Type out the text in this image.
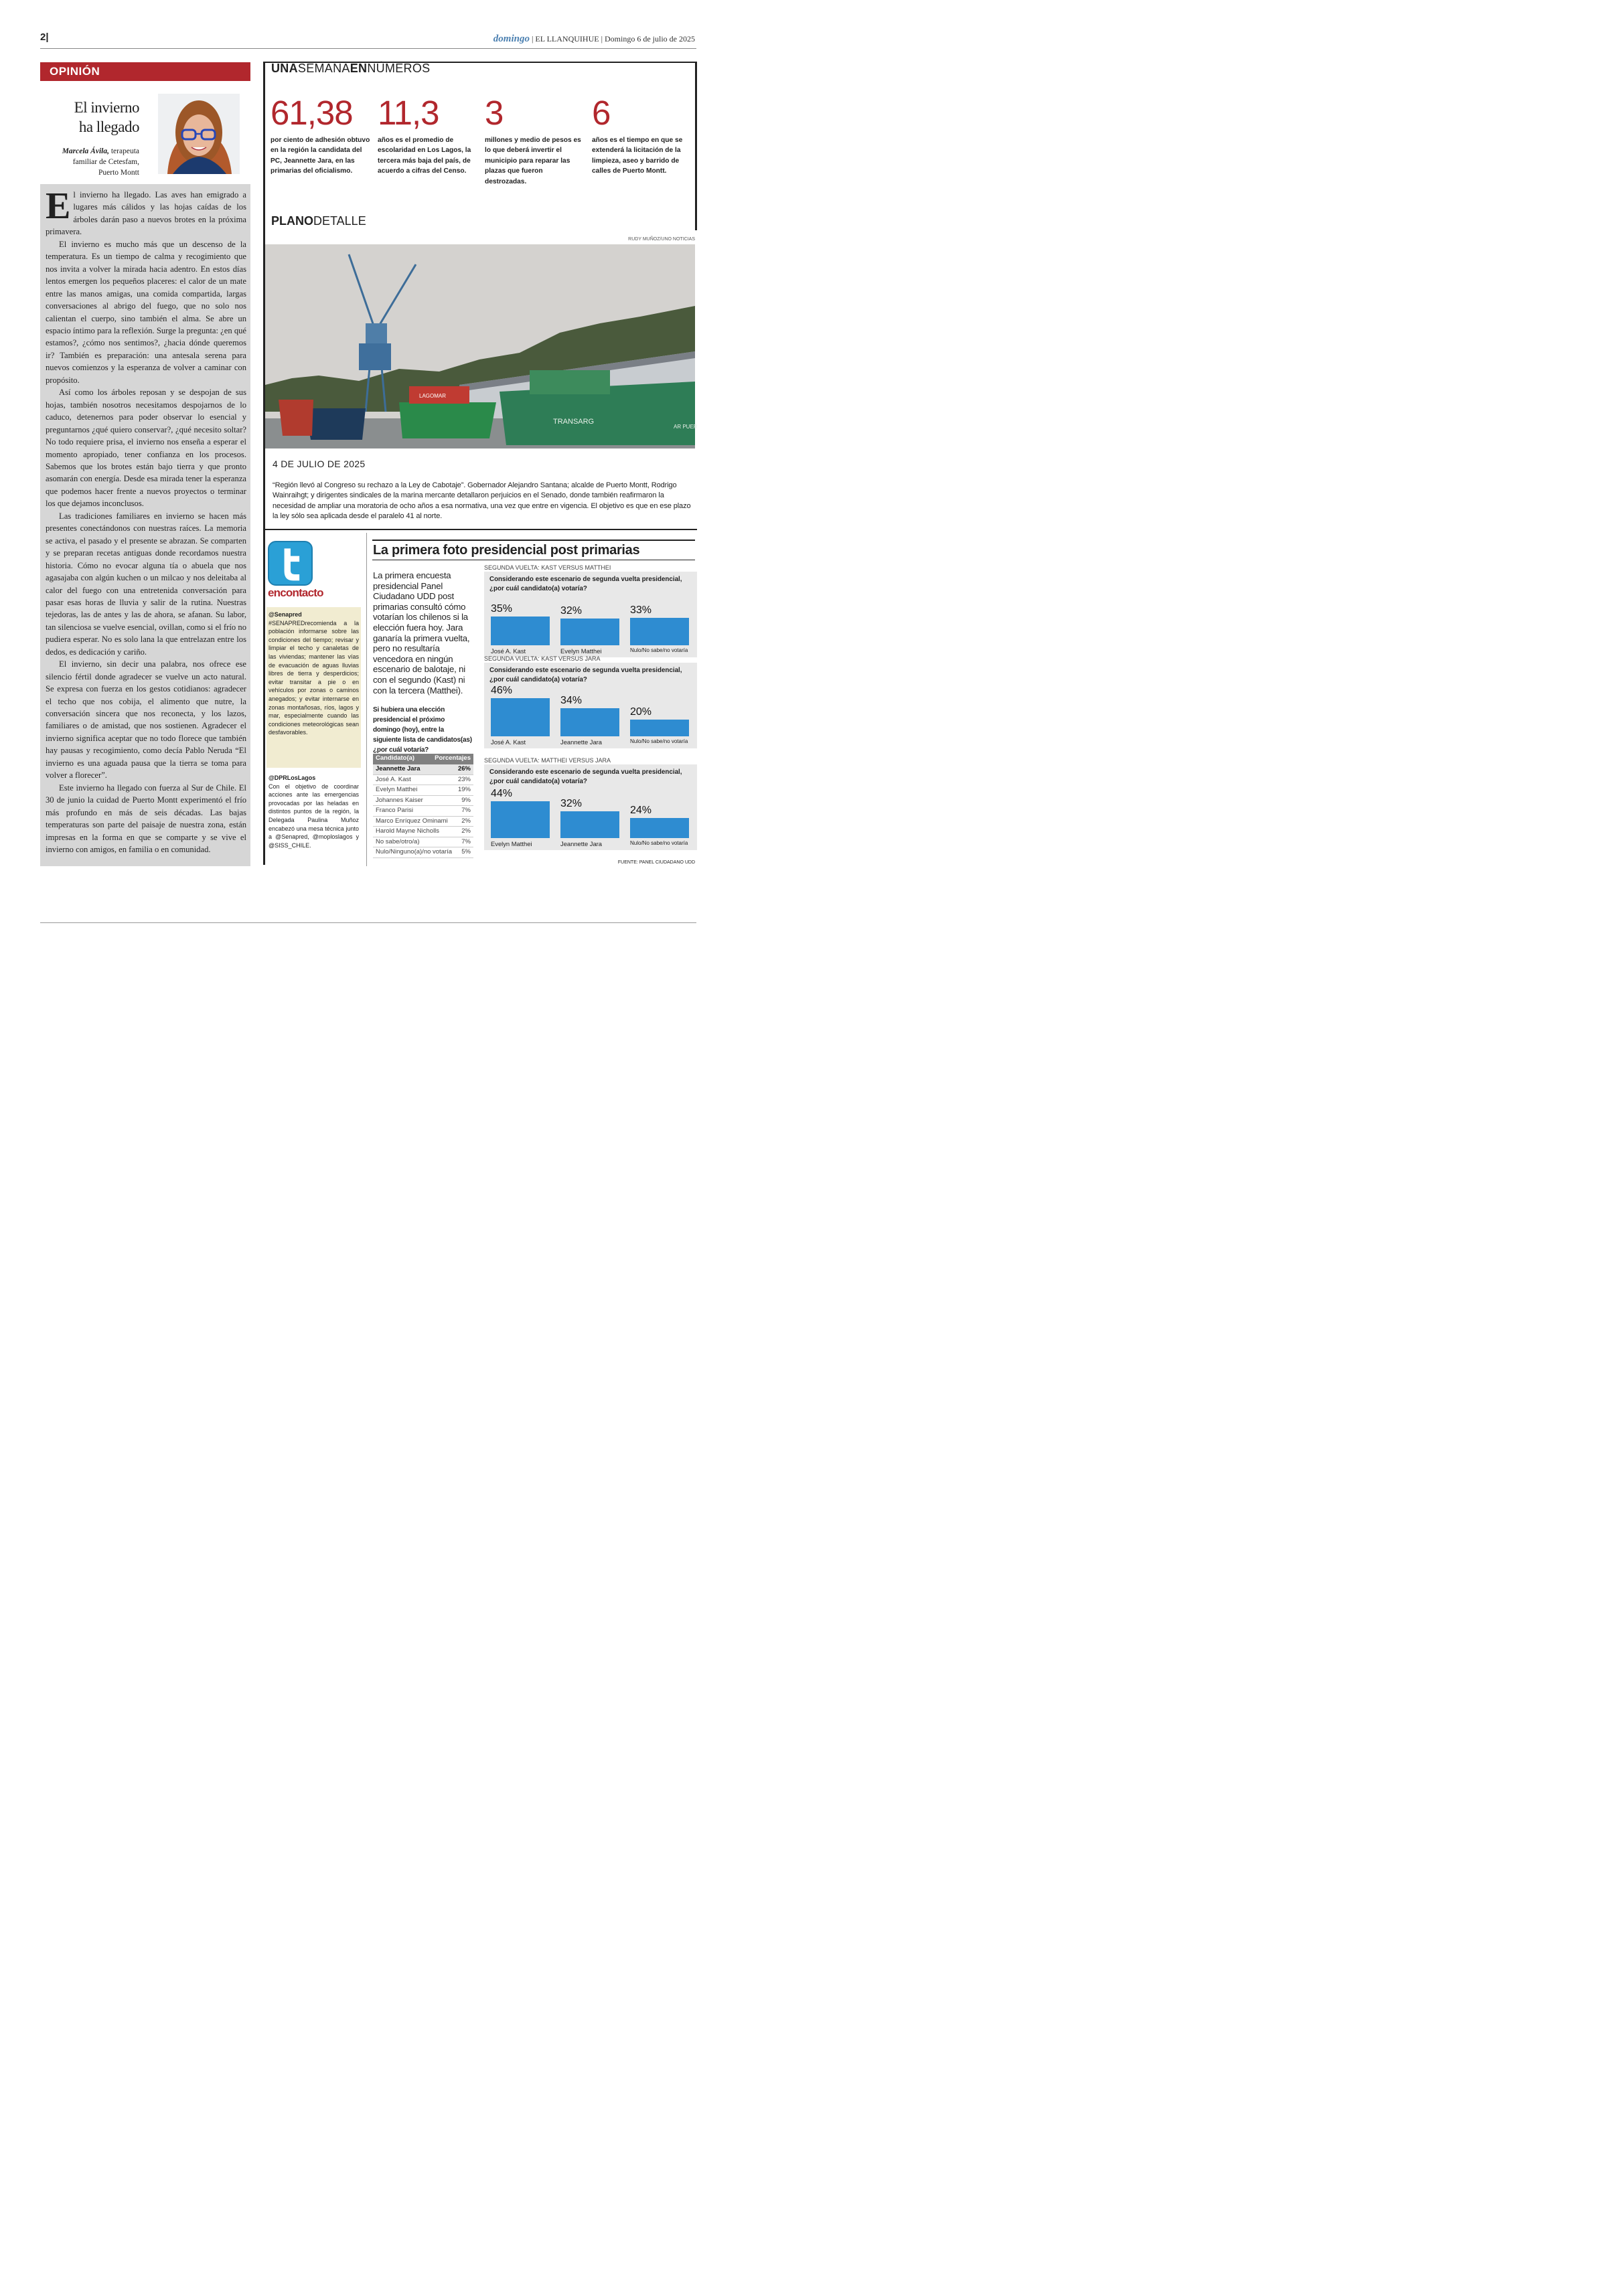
2|	domingo | EL LLANQUIHUE | Domingo 6 de julio de 2025
OPINIÓN
El invierno
ha llegado
Marcela Ávila, terapeuta
familiar de Cetesfam,
Puerto Montt

El invierno ha llegado. Las aves han emigrado a lugares más cálidos y las hojas caídas de los árboles darán paso a nuevos brotes en la próxima primavera.

El invierno es mucho más que un descenso de la temperatura. Es un tiempo de calma y recogimiento que nos invita a volver la mirada hacia adentro. En estos días lentos emergen los pequeños placeres: el calor de un mate entre las manos amigas, una comida compartida, largas conversaciones al abrigo del fuego, que no solo nos calientan el cuerpo, sino también el alma. Se abre un espacio íntimo para la reflexión. Surge la pregunta: ¿en qué estamos?, ¿cómo nos sentimos?, ¿hacia dónde queremos ir? También es preparación: una antesala serena para nuevos comienzos y la esperanza de volver a caminar con propósito.

Así como los árboles reposan y se despojan de sus hojas, también nosotros necesitamos despojarnos de lo caduco, detenernos para poder observar lo esencial y preguntarnos ¿qué quiero conservar?, ¿qué necesito soltar? No todo requiere prisa, el invierno nos enseña a esperar el momento apropiado, tener confianza en los procesos. Sabemos que los brotes están bajo tierra y que pronto asomarán con energía. Desde esa mirada tener la esperanza que podemos hacer frente a nuevos proyectos o terminar los que dejamos inconclusos.

Las tradiciones familiares en invierno se hacen más presentes conectándonos con nuestras raíces. La memoria se activa, el pasado y el presente se abrazan. Se comparten y se preparan recetas antiguas donde recordamos nuestra historia. Cómo no evocar alguna tía o abuela que nos agasajaba con algún kuchen o un milcao y nos deleitaba al calor del fuego con una entretenida conversación para pasar esas horas de lluvia y salir de la rutina. Nuestras tejedoras, las de antes y las de ahora, se afanan. Su labor, tan silenciosa se vuelve esencial, ovillan, como si el frío no pudiera esperar. No es solo lana la que entrelazan entre los dedos, es dedicación y cariño.

El invierno, sin decir una palabra, nos ofrece ese silencio fértil donde agradecer se vuelve un acto natural. Se expresa con fuerza en los gestos cotidianos: agradecer el techo que nos cobija, el alimento que nutre, la conversación sincera que nos reconecta, y los lazos, familiares o de amistad, que nos sostienen. Agradecer el invierno significa aceptar que no todo florece que también hay pausas y recogimiento, como decía Pablo Neruda “El invierno es una aguada pausa que la tierra se toma para volver a florecer”.

Este invierno ha llegado con fuerza al Sur de Chile. El 30 de junio la cuidad de Puerto Montt experimentó el frío más profundo en más de seis décadas. Las bajas temperaturas son parte del paisaje de nuestra zona, están impresas en la forma en que se comparte y se vive el invierno con amigos, en familia o en comunidad.

UNASEMANAENNÚMEROS
61,38
por ciento de adhesión obtuvo en la región la candidata del PC, Jeannette Jara, en las primarias del oficialismo.
11,3
años es el promedio de escolaridad en Los Lagos, la tercera más baja del país, de acuerdo a cifras del Censo.
3
millones y medio de pesos es lo que deberá invertir el municipio para reparar las plazas que fueron destrozadas.
6
años es el tiempo en que se extenderá la licitación de la limpieza, aseo y barrido de calles de Puerto Montt.
PLANODETALLE
RUDY MUÑOZ/UNO NOTICIAS
LAGOMAR
TRANSARG
AR PUER
4 DE JULIO DE 2025
“Región llevó al Congreso su rechazo a la Ley de Cabotaje”. Gobernador Alejandro Santana; alcalde de Puerto Montt, Rodrigo Wainraihgt; y dirigentes sindicales de la marina mercante detallaron perjuicios en el Senado, donde también reafirmaron la necesidad de ampliar una moratoria de ocho años a esa normativa, una vez que entre en vigencia. El objetivo es que en ese plazo la ley sólo sea aplicada desde el paralelo 41 al norte.
encontacto
@Senapred
#SENAPREDrecomienda a la población informarse sobre las condiciones del tiempo; revisar y limpiar el techo y canaletas de las viviendas; mantener las vías de evacuación de aguas lluvias libres de tierra y desperdicios; evitar transitar a pie o en vehículos por zonas o caminos anegados; y evitar internarse en zonas montañosas, ríos, lagos y mar, especialmente cuando las condiciones meteorológicas sean desfavorables.
@DPRLosLagos
Con el objetivo de coordinar acciones ante las emergencias provocadas por las heladas en distintos puntos de la región, la Delegada Paulina Muñoz encabezó una mesa técnica junto a @Senapred, @moploslagos y @SISS_CHILE.
La primera foto presidencial post primarias
La primera encuesta presidencial Panel Ciudadano UDD post primarias consultó cómo votarían los chilenos si la elección fuera hoy. Jara ganaría la primera vuelta, pero no resultaría vencedora en ningún escenario de balotaje, ni con el segundo (Kast) ni con la tercera (Matthei).
Si hubiera una elección presidencial el próximo domingo (hoy), entre la siguiente lista de candidatos(as) ¿por cuál votaría?
Candidato(a)	Porcentajes
Jeannette Jara	26%
José A. Kast	23%
Evelyn Matthei	19%
Johannes Kaiser	9%
Franco Parisi	7%
Marco Enríquez Ominami 2%
Harold Mayne Nicholls	2%
No sabe/otro/a)	7%
Nulo/Ninguno(a)/no votaría 5%
SEGUNDA VUELTA: KAST VERSUS MATTHEI
Considerando este escenario de segunda vuelta presidencial, ¿por cuál candidato(a) votaría?
35%
José A. Kast
32%
Evelyn Matthei
33%
Nulo/No sabe/no votaría
SEGUNDA VUELTA: KAST VERSUS JARA
Considerando este escenario de segunda vuelta presidencial, ¿por cuál candidato(a) votaría?
46%
José A. Kast
34%
Jeannette Jara
20%
Nulo/No sabe/no votaría
SEGUNDA VUELTA: MATTHEI VERSUS JARA
Considerando este escenario de segunda vuelta presidencial, ¿por cuál candidato(a) votaría?
44%
Evelyn Matthei
32%
Jeannette Jara
24%
Nulo/No sabe/no votaría
FUENTE: PANEL CIUDADANO UDD
